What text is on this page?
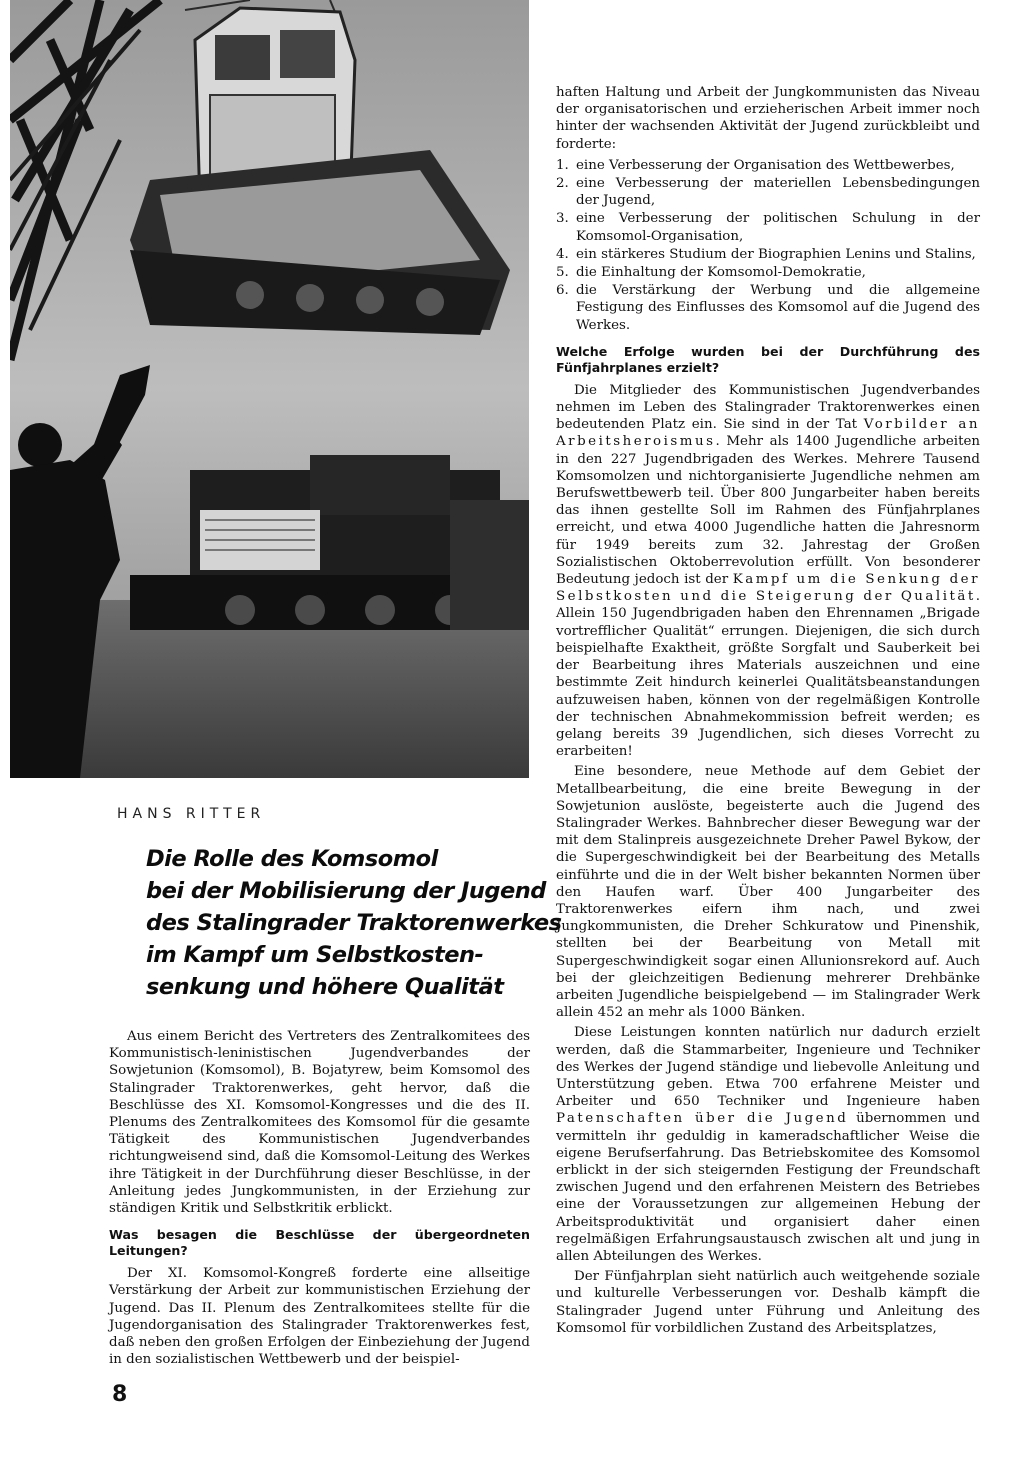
HANS RITTER
Die Rolle des Komsomol
bei der Mobilisierung der Jugend
des Stalingrader Traktorenwerkes
im Kampf um Selbstkosten-
senkung und höhere Qualität

Aus einem Bericht des Vertreters des Zentralkomitees des Kommunistisch-leninistischen Jugendverbandes der Sowjetunion (Komsomol), B. Bojatyrew, beim Komsomol des Stalingrader Traktorenwerkes, geht hervor, daß die Beschlüsse des XI. Komsomol-Kongresses und die des II. Plenums des Zentralkomitees des Komsomol für die gesamte Tätigkeit des Kommunistischen Jugendverbandes richtungweisend sind, daß die Komsomol-Leitung des Werkes ihre Tätigkeit in der Durchführung dieser Beschlüsse, in der Anleitung jedes Jungkommunisten, in der Erziehung zur ständigen Kritik und Selbstkritik erblickt.

Was besagen die Beschlüsse der übergeordneten Leitungen?

Der XI. Komsomol-Kongreß forderte eine allseitige Verstärkung der Arbeit zur kommunistischen Erziehung der Jugend. Das II. Plenum des Zentralkomitees stellte für die Jugendorganisation des Stalingrader Traktorenwerkes fest, daß neben den großen Erfolgen der Einbeziehung der Jugend in den sozialistischen Wettbewerb und der beispiel-

haften Haltung und Arbeit der Jungkommunisten das Niveau der organisatorischen und erzieherischen Arbeit immer noch hinter der wachsenden Aktivität der Jugend zurückbleibt und forderte:

1. eine Verbesserung der Organisation des Wettbewerbes,
2. eine Verbesserung der materiellen Lebensbedingungen der Jugend,
3. eine Verbesserung der politischen Schulung in der Komsomol-Organisation,
4. ein stärkeres Studium der Biographien Lenins und Stalins,
5. die Einhaltung der Komsomol-Demokratie,
6. die Verstärkung der Werbung und die allgemeine Festigung des Einflusses des Komsomol auf die Jugend des Werkes.
Welche Erfolge wurden bei der Durchführung des Fünfjahrplanes erzielt?

Die Mitglieder des Kommunistischen Jugendverbandes nehmen im Leben des Stalingrader Traktorenwerkes einen bedeutenden Platz ein. Sie sind in der Tat Vorbilder an Arbeitsheroismus. Mehr als 1400 Jugendliche arbeiten in den 227 Jugendbrigaden des Werkes. Mehrere Tausend Komsomolzen und nichtorganisierte Jugendliche nehmen am Berufswettbewerb teil. Über 800 Jungarbeiter haben bereits das ihnen gestellte Soll im Rahmen des Fünfjahrplanes erreicht, und etwa 4000 Jugendliche hatten die Jahresnorm für 1949 bereits zum 32. Jahrestag der Großen Sozialistischen Oktoberrevolution erfüllt. Von besonderer Bedeutung jedoch ist der Kampf um die Senkung der Selbstkosten und die Steigerung der Qualität. Allein 150 Jugendbrigaden haben den Ehrennamen „Brigade vortrefflicher Qualität“ errungen. Diejenigen, die sich durch beispielhafte Exaktheit, größte Sorgfalt und Sauberkeit bei der Bearbeitung ihres Materials auszeichnen und eine bestimmte Zeit hindurch keinerlei Qualitätsbeanstandungen aufzuweisen haben, können von der regelmäßigen Kontrolle der technischen Abnahmekommission befreit werden; es gelang bereits 39 Jugendlichen, sich dieses Vorrecht zu erarbeiten!

Eine besondere, neue Methode auf dem Gebiet der Metallbearbeitung, die eine breite Bewegung in der Sowjetunion auslöste, begeisterte auch die Jugend des Stalingrader Werkes. Bahnbrecher dieser Bewegung war der mit dem Stalinpreis ausgezeichnete Dreher Pawel Bykow, der die Supergeschwindigkeit bei der Bearbeitung des Metalls einführte und die in der Welt bisher bekannten Normen über den Haufen warf. Über 400 Jungarbeiter des Traktorenwerkes eifern ihm nach, und zwei Jungkommunisten, die Dreher Schkuratow und Pinenshik, stellten bei der Bearbeitung von Metall mit Supergeschwindigkeit sogar einen Allunionsrekord auf. Auch bei der gleichzeitigen Bedienung mehrerer Drehbänke arbeiten Jugendliche beispielgebend — im Stalingrader Werk allein 452 an mehr als 1000 Bänken.

Diese Leistungen konnten natürlich nur dadurch erzielt werden, daß die Stammarbeiter, Ingenieure und Techniker des Werkes der Jugend ständige und liebevolle Anleitung und Unterstützung geben. Etwa 700 erfahrene Meister und Arbeiter und 650 Techniker und Ingenieure haben Patenschaften über die Jugend übernommen und vermitteln ihr geduldig in kameradschaftlicher Weise die eigene Berufserfahrung. Das Betriebskomitee des Komsomol erblickt in der sich steigernden Festigung der Freundschaft zwischen Jugend und den erfahrenen Meistern des Betriebes eine der Voraussetzungen zur allgemeinen Hebung der Arbeitsproduktivität und organisiert daher einen regelmäßigen Erfahrungsaustausch zwischen alt und jung in allen Abteilungen des Werkes.

Der Fünfjahrplan sieht natürlich auch weitgehende soziale und kulturelle Verbesserungen vor. Deshalb kämpft die Stalingrader Jugend unter Führung und Anleitung des Komsomol für vorbildlichen Zustand des Arbeitsplatzes,

8
